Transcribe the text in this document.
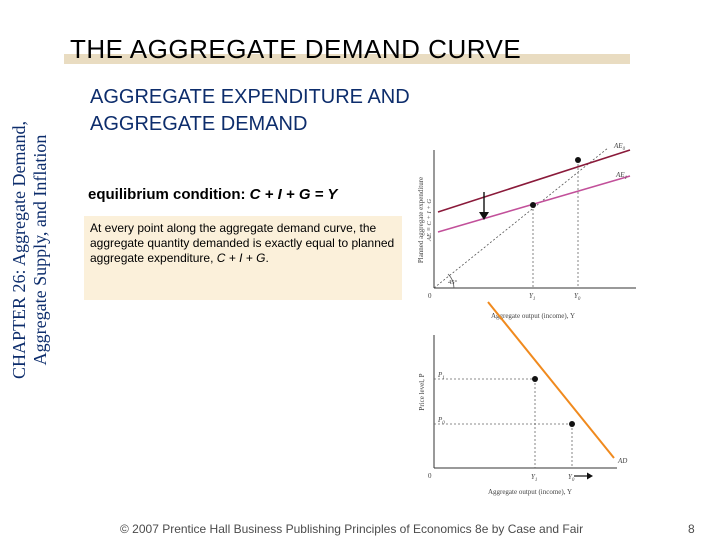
CHAPTER 26: Aggregate Demand, Aggregate Supply, and Inflation
THE AGGREGATE DEMAND CURVE
AGGREGATE EXPENDITURE AND AGGREGATE DEMAND
equilibrium condition: C + I + G = Y
At every point along the aggregate demand curve, the aggregate quantity demanded is exactly equal to planned aggregate expenditure, C + I + G.	Planned aggregate expenditure AE ≡ C + I + G
Aggregate output (income), Y
0
45°
$AE_0$
$AE_1$
$Y_1$	$Y_0$
Price level, P
Aggregate output (income), Y
0
AD
$P_1$
$P_0$
$Y_1$	$Y_0$
© 2007 Prentice Hall Business Publishing Principles of Economics 8e by Case and Fair	8
